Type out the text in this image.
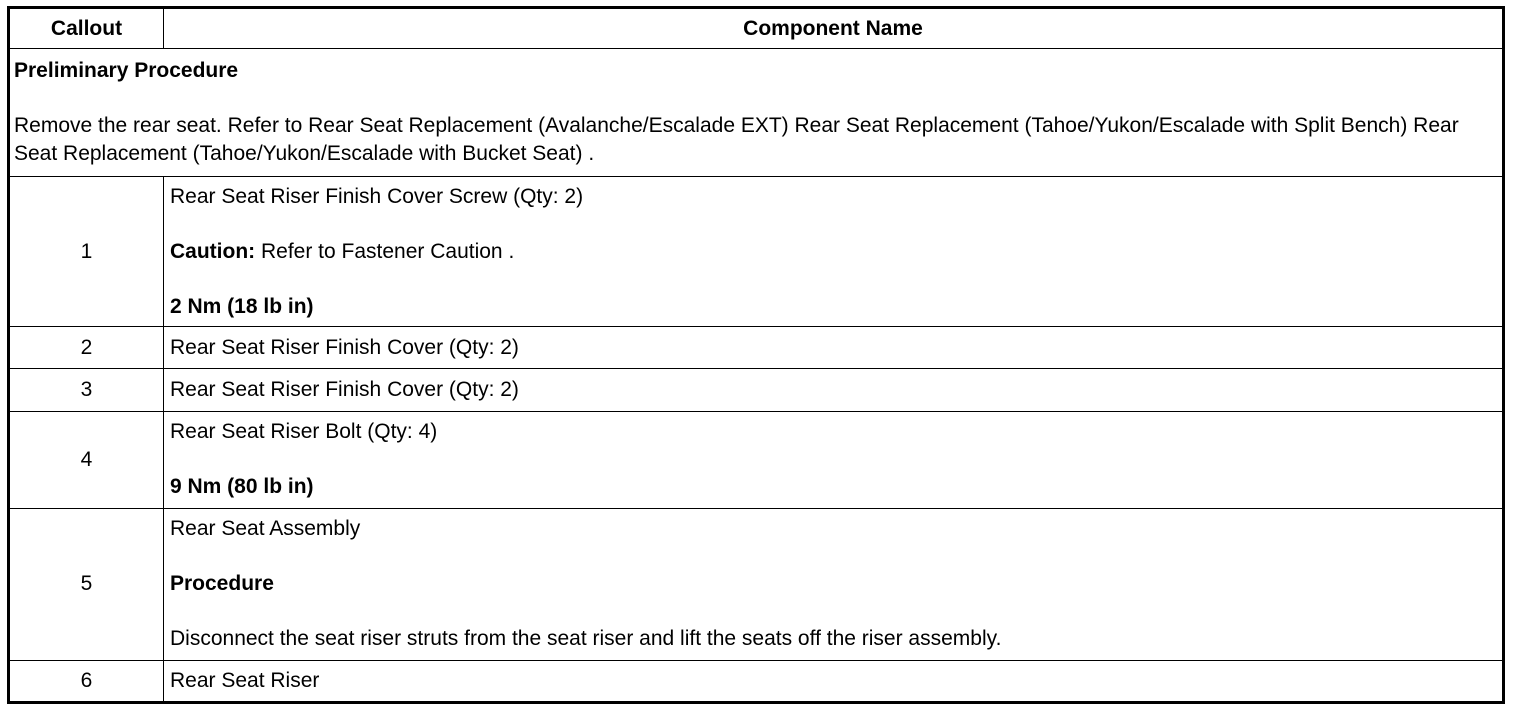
Callout	Component Name

Preliminary Procedure

Remove the rear seat. Refer to Rear Seat Replacement (Avalanche/Escalade EXT) Rear Seat Replacement (Tahoe/Yukon/Escalade with Split Bench) Rear Seat Replacement (Tahoe/Yukon/Escalade with Bucket Seat) .	

1	Rear Seat Riser Finish Cover Screw (Qty: 2)

Caution: Refer to Fastener Caution .

2 Nm (18 lb in)

2	Rear Seat Riser Finish Cover (Qty: 2)
3	Rear Seat Riser Finish Cover (Qty: 2)
4	Rear Seat Riser Bolt (Qty: 4)

9 Nm (80 lb in)

5	Rear Seat Assembly

Procedure

Disconnect the seat riser struts from the seat riser and lift the seats off the riser assembly.

6	Rear Seat Riser
